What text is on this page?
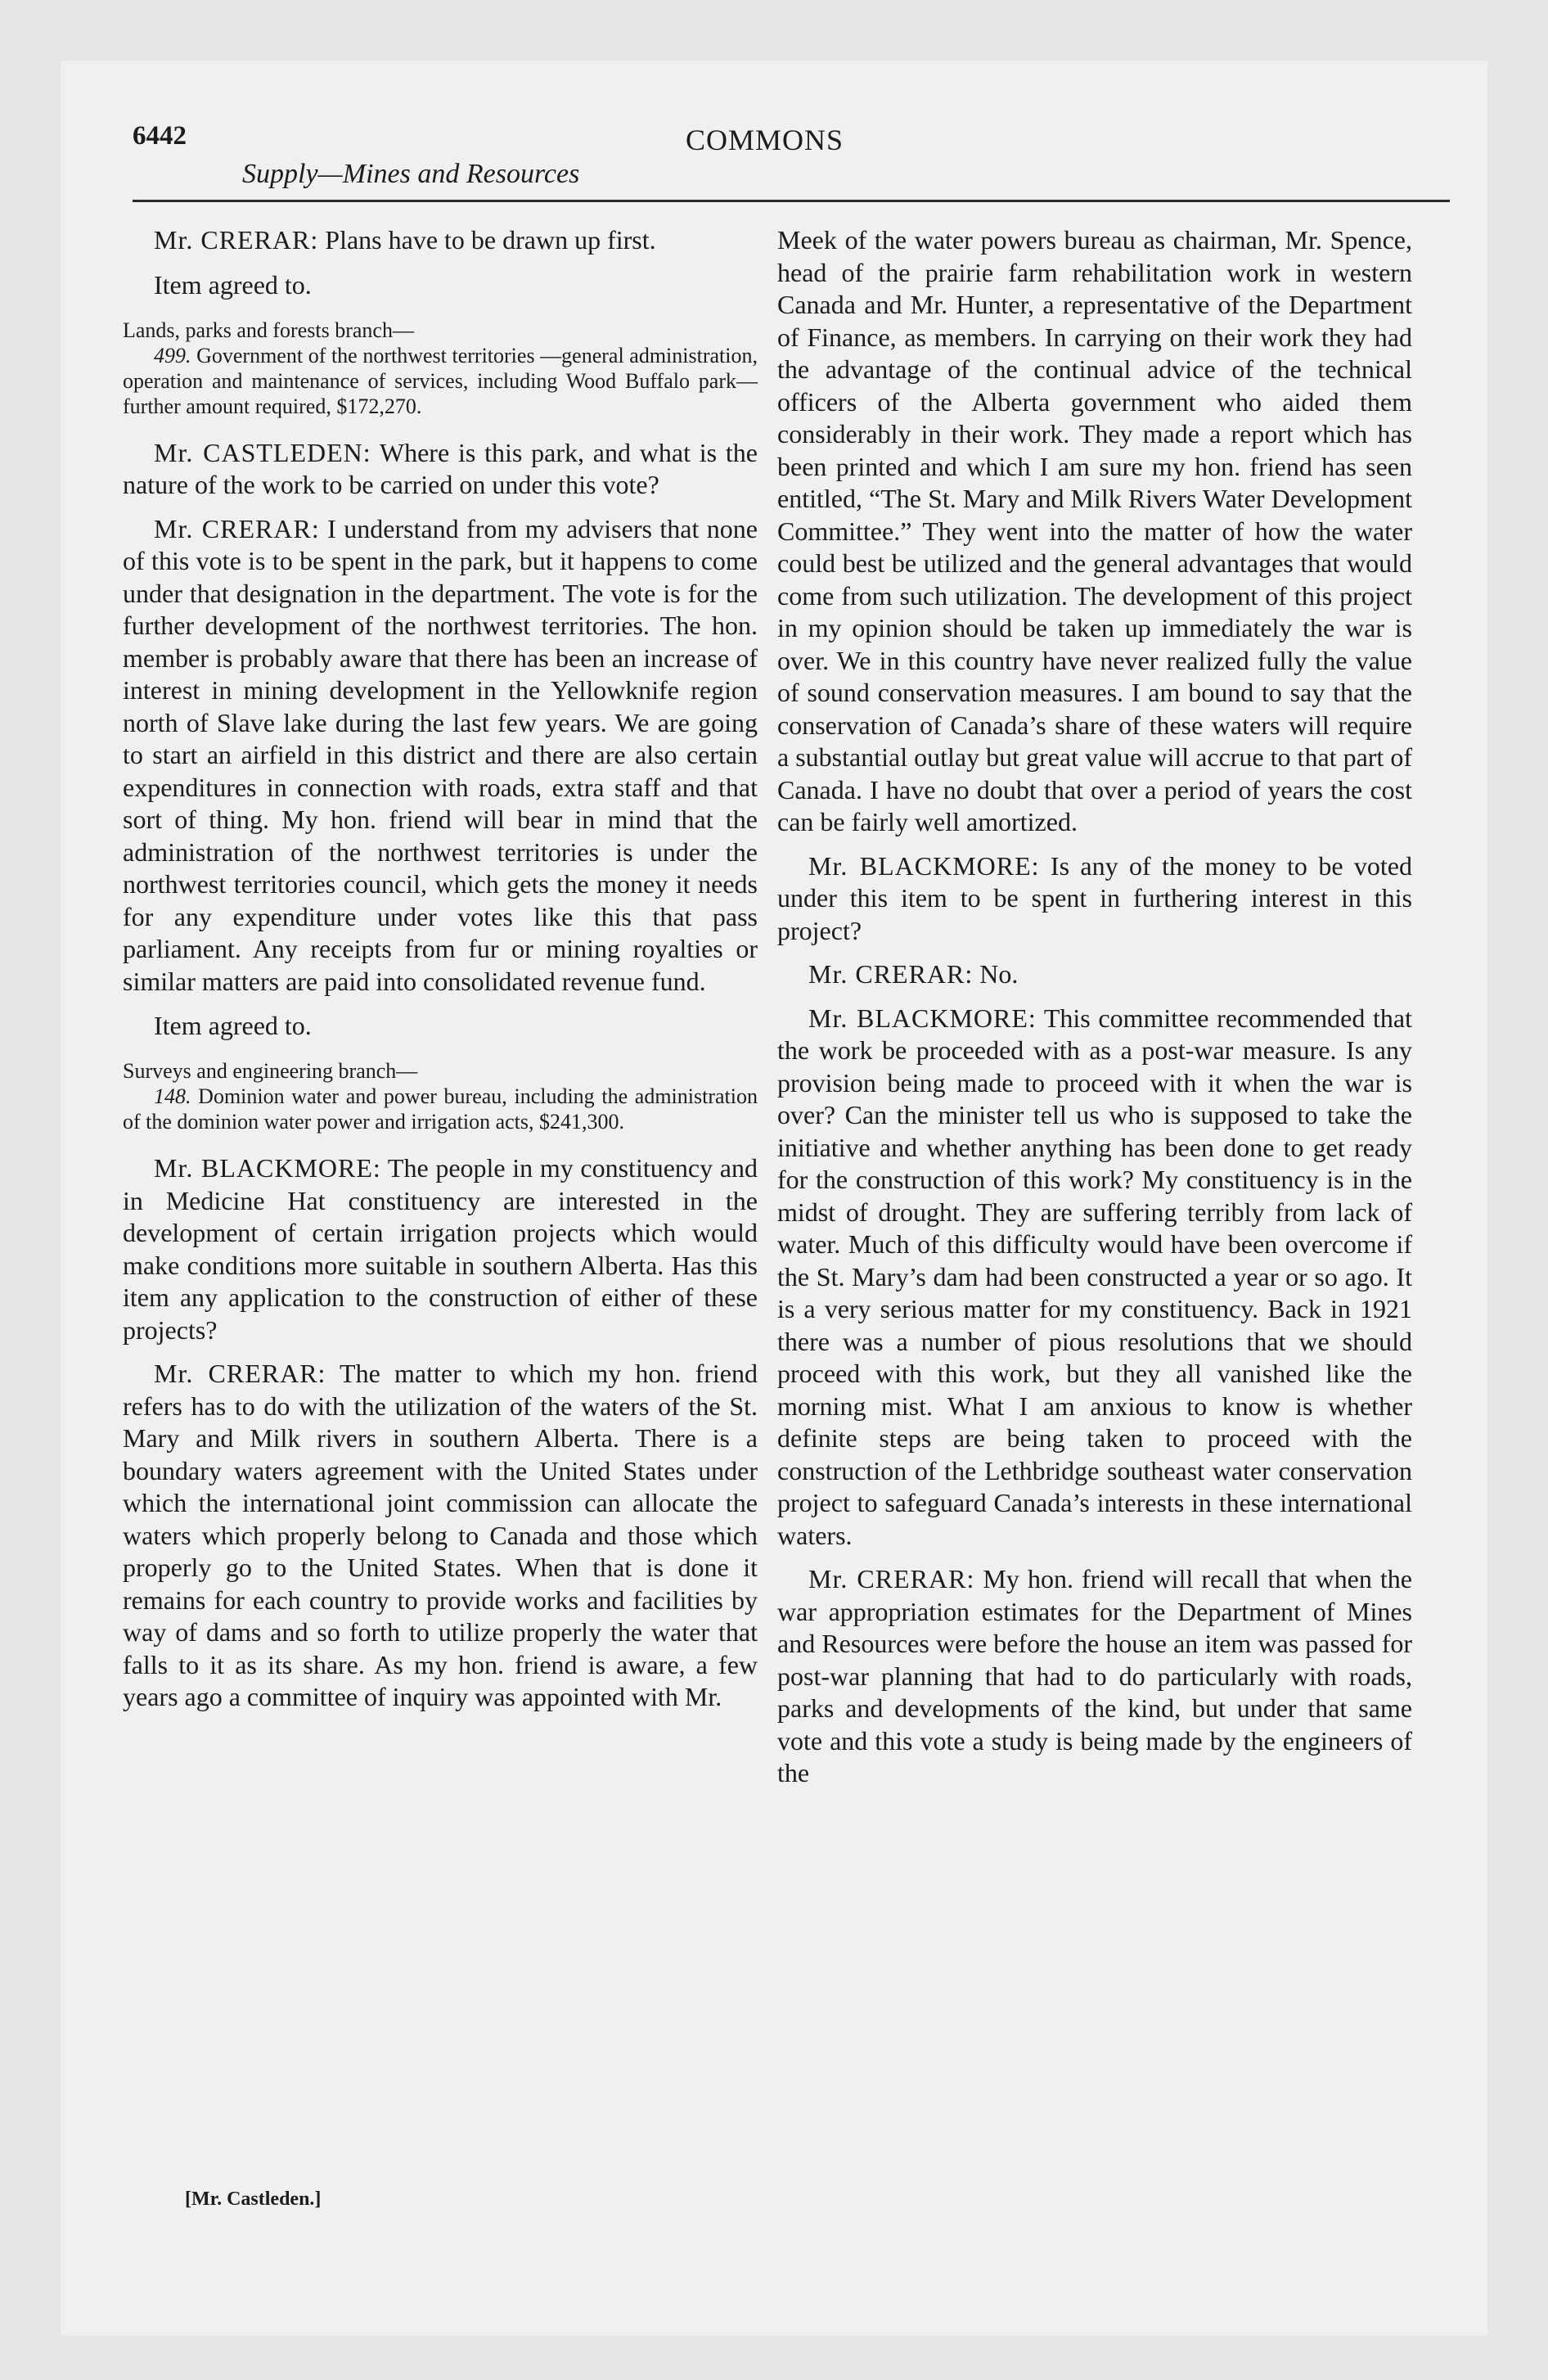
6442
Supply—Mines and Resources
COMMONS

Mr. CRERAR: Plans have to be drawn up first.

Item agreed to.

Lands, parks and forests branch—

499. Government of the northwest territories —general administration, operation and maintenance of services, including Wood Buffalo park—further amount required, $172,270.

Mr. CASTLEDEN: Where is this park, and what is the nature of the work to be carried on under this vote?

Mr. CRERAR: I understand from my advisers that none of this vote is to be spent in the park, but it happens to come under that designation in the department. The vote is for the further development of the northwest territories. The hon. member is probably aware that there has been an increase of interest in mining development in the Yellowknife region north of Slave lake during the last few years. We are going to start an airfield in this district and there are also certain expenditures in connection with roads, extra staff and that sort of thing. My hon. friend will bear in mind that the administration of the northwest territories is under the northwest territories council, which gets the money it needs for any expenditure under votes like this that pass parliament. Any receipts from fur or mining royalties or similar matters are paid into consolidated revenue fund.

Item agreed to.

Surveys and engineering branch—

148. Dominion water and power bureau, including the administration of the dominion water power and irrigation acts, $241,300.

Mr. BLACKMORE: The people in my constituency and in Medicine Hat constituency are interested in the development of certain irrigation projects which would make conditions more suitable in southern Alberta. Has this item any application to the construction of either of these projects?

Mr. CRERAR: The matter to which my hon. friend refers has to do with the utilization of the waters of the St. Mary and Milk rivers in southern Alberta. There is a boundary waters agreement with the United States under which the international joint commission can allocate the waters which properly belong to Canada and those which properly go to the United States. When that is done it remains for each country to provide works and facilities by way of dams and so forth to utilize properly the water that falls to it as its share. As my hon. friend is aware, a few years ago a committee of inquiry was appointed with Mr.

Meek of the water powers bureau as chairman, Mr. Spence, head of the prairie farm rehabilitation work in western Canada and Mr. Hunter, a representative of the Department of Finance, as members. In carrying on their work they had the advantage of the continual advice of the technical officers of the Alberta government who aided them considerably in their work. They made a report which has been printed and which I am sure my hon. friend has seen entitled, “The St. Mary and Milk Rivers Water Development Committee.” They went into the matter of how the water could best be utilized and the general advantages that would come from such utilization. The development of this project in my opinion should be taken up immediately the war is over. We in this country have never realized fully the value of sound conservation measures. I am bound to say that the conservation of Canada’s share of these waters will require a substantial outlay but great value will accrue to that part of Canada. I have no doubt that over a period of years the cost can be fairly well amortized.

Mr. BLACKMORE: Is any of the money to be voted under this item to be spent in furthering interest in this project?

Mr. CRERAR: No.

Mr. BLACKMORE: This committee recommended that the work be proceeded with as a post-war measure. Is any provision being made to proceed with it when the war is over? Can the minister tell us who is supposed to take the initiative and whether anything has been done to get ready for the construction of this work? My constituency is in the midst of drought. They are suffering terribly from lack of water. Much of this difficulty would have been overcome if the St. Mary’s dam had been constructed a year or so ago. It is a very serious matter for my constituency. Back in 1921 there was a number of pious resolutions that we should proceed with this work, but they all vanished like the morning mist. What I am anxious to know is whether definite steps are being taken to proceed with the construction of the Lethbridge southeast water conservation project to safeguard Canada’s interests in these international waters.

Mr. CRERAR: My hon. friend will recall that when the war appropriation estimates for the Department of Mines and Resources were before the house an item was passed for post-war planning that had to do particularly with roads, parks and developments of the kind, but under that same vote and this vote a study is being made by the engineers of the

[Mr. Castleden.]
